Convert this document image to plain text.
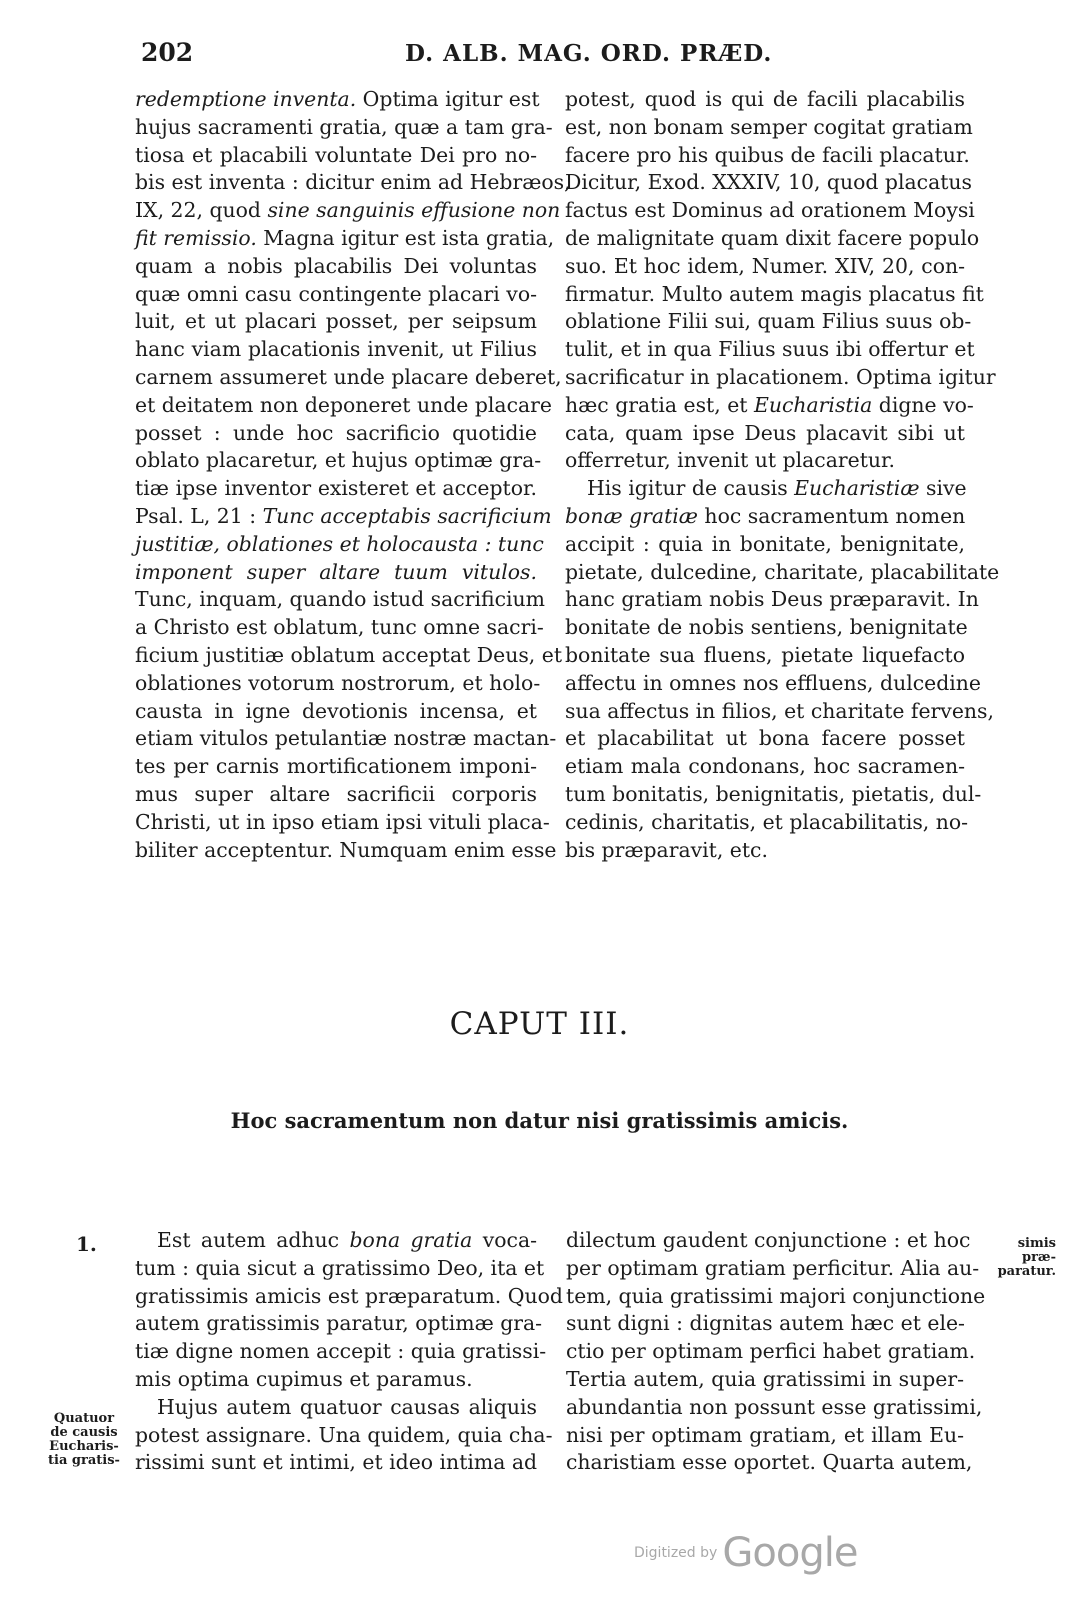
202	D. ALB. MAG. ORD. PRÆD.
redemptione inventa. Optima igitur est
hujus sacramenti gratia, quæ a tam gra-
tiosa et placabili voluntate Dei pro no-
bis est inventa : dicitur enim ad Hebræos,
IX, 22, quod sine sanguinis effusione non
fit remissio. Magna igitur est ista gratia,
quam a nobis placabilis Dei voluntas
quæ omni casu contingente placari vo-
luit, et ut placari posset, per seipsum
hanc viam placationis invenit, ut Filius
carnem assumeret unde placare deberet,
et deitatem non deponeret unde placare
posset : unde hoc sacrificio quotidie
oblato placaretur, et hujus optimæ gra-
tiæ ipse inventor existeret et acceptor.
Psal. L, 21 : Tunc acceptabis sacrificium
justitiæ, oblationes et holocausta : tunc
imponent super altare tuum vitulos.
Tunc, inquam, quando istud sacrificium
a Christo est oblatum, tunc omne sacri-
ficium justitiæ oblatum acceptat Deus, et
oblationes votorum nostrorum, et holo-
causta in igne devotionis incensa, et
etiam vitulos petulantiæ nostræ mactan-
tes per carnis mortificationem imponi-
mus super altare sacrificii corporis
Christi, ut in ipso etiam ipsi vituli placa-
biliter acceptentur. Numquam enim esse
potest, quod is qui de facili placabilis
est, non bonam semper cogitat gratiam
facere pro his quibus de facili placatur.
Dicitur, Exod. XXXIV, 10, quod placatus
factus est Dominus ad orationem Moysi
de malignitate quam dixit facere populo
suo. Et hoc idem, Numer. XIV, 20, con-
firmatur. Multo autem magis placatus fit
oblatione Filii sui, quam Filius suus ob-
tulit, et in qua Filius suus ibi offertur et
sacrificatur in placationem. Optima igitur
hæc gratia est, et Eucharistia digne vo-
cata, quam ipse Deus placavit sibi ut
offerretur, invenit ut placaretur.
His igitur de causis Eucharistiæ sive
bonæ gratiæ hoc sacramentum nomen
accipit : quia in bonitate, benignitate,
pietate, dulcedine, charitate, placabilitate
hanc gratiam nobis Deus præparavit. In
bonitate de nobis sentiens, benignitate
bonitate sua fluens, pietate liquefacto
affectu in omnes nos effluens, dulcedine
sua affectus in filios, et charitate fervens,
et placabilitat ut bona facere posset
etiam mala condonans, hoc sacramen-
tum bonitatis, benignitatis, pietatis, dul-
cedinis, charitatis, et placabilitatis, no-
bis præparavit, etc.
CAPUT III.
Hoc sacramentum non datur nisi gratissimis amicis.
1.
Quatuor
de causis
Eucharis-
tia gratis-
simis præ-
paratur.
Est autem adhuc bona gratia voca-
tum : quia sicut a gratissimo Deo, ita et
gratissimis amicis est præparatum. Quod
autem gratissimis paratur, optimæ gra-
tiæ digne nomen accepit : quia gratissi-
mis optima cupimus et paramus.
Hujus autem quatuor causas aliquis
potest assignare. Una quidem, quia cha-
rissimi sunt et intimi, et ideo intima ad
dilectum gaudent conjunctione : et hoc
per optimam gratiam perficitur. Alia au-
tem, quia gratissimi majori conjunctione
sunt digni : dignitas autem hæc et ele-
ctio per optimam perfici habet gratiam.
Tertia autem, quia gratissimi in super-
abundantia non possunt esse gratissimi,
nisi per optimam gratiam, et illam Eu-
charistiam esse oportet. Quarta autem,
Digitized by Google
